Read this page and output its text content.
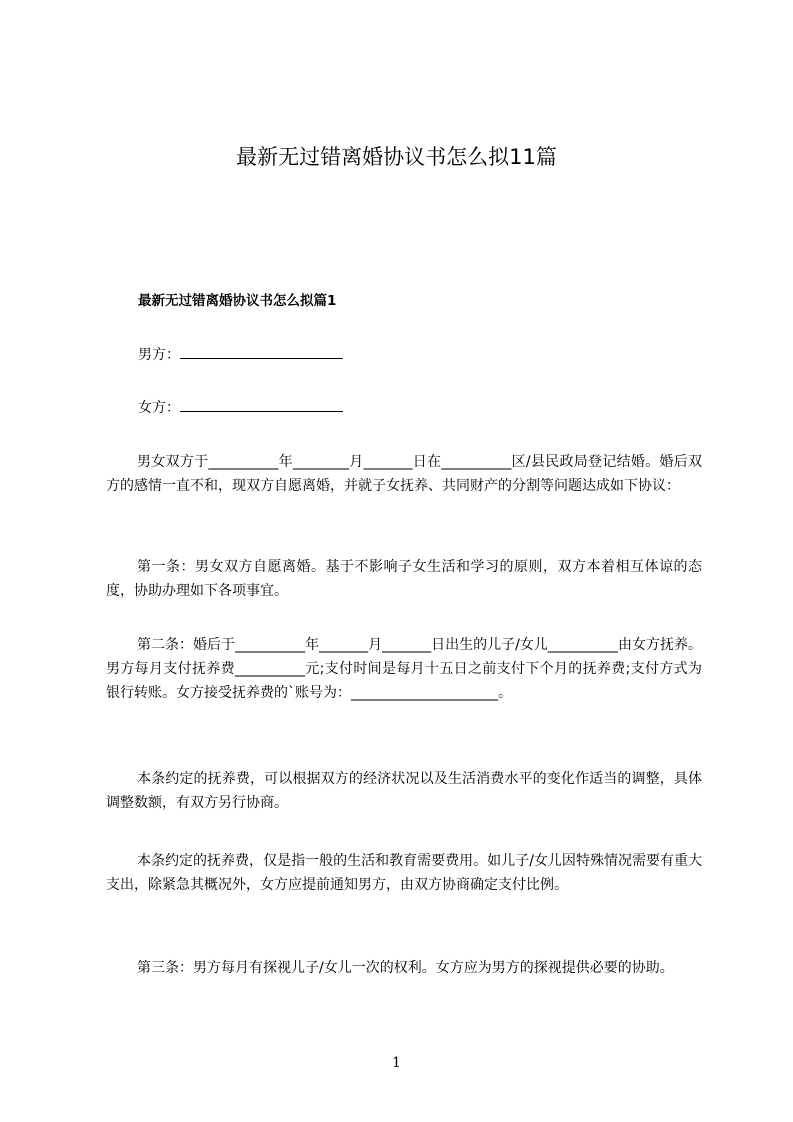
最新无过错离婚协议书怎么拟11篇
最新无过错离婚协议书怎么拟篇1
男方：
女方：

男女双方于__________年________月_______日在__________区/县民政局登记结婚。婚后双方的感情一直不和，现双方自愿离婚，并就子女抚养、共同财产的分割等问题达成如下协议：

第一条：男女双方自愿离婚。基于不影响子女生活和学习的原则，双方本着相互体谅的态度，协助办理如下各项事宜。

第二条：婚后于__________年_______月_______日出生的儿子/女儿__________由女方抚养。男方每月支付抚养费__________元;支付时间是每月十五日之前支付下个月的抚养费;支付方式为银行转账。女方接受抚养费的`账号为：_____________________。

本条约定的抚养费，可以根据双方的经济状况以及生活消费水平的变化作适当的调整，具体调整数额，有双方另行协商。

本条约定的抚养费，仅是指一般的生活和教育需要费用。如儿子/女儿因特殊情况需要有重大支出，除紧急其概况外，女方应提前通知男方，由双方协商确定支付比例。

第三条：男方每月有探视儿子/女儿一次的权利。女方应为男方的探视提供必要的协助。

1
